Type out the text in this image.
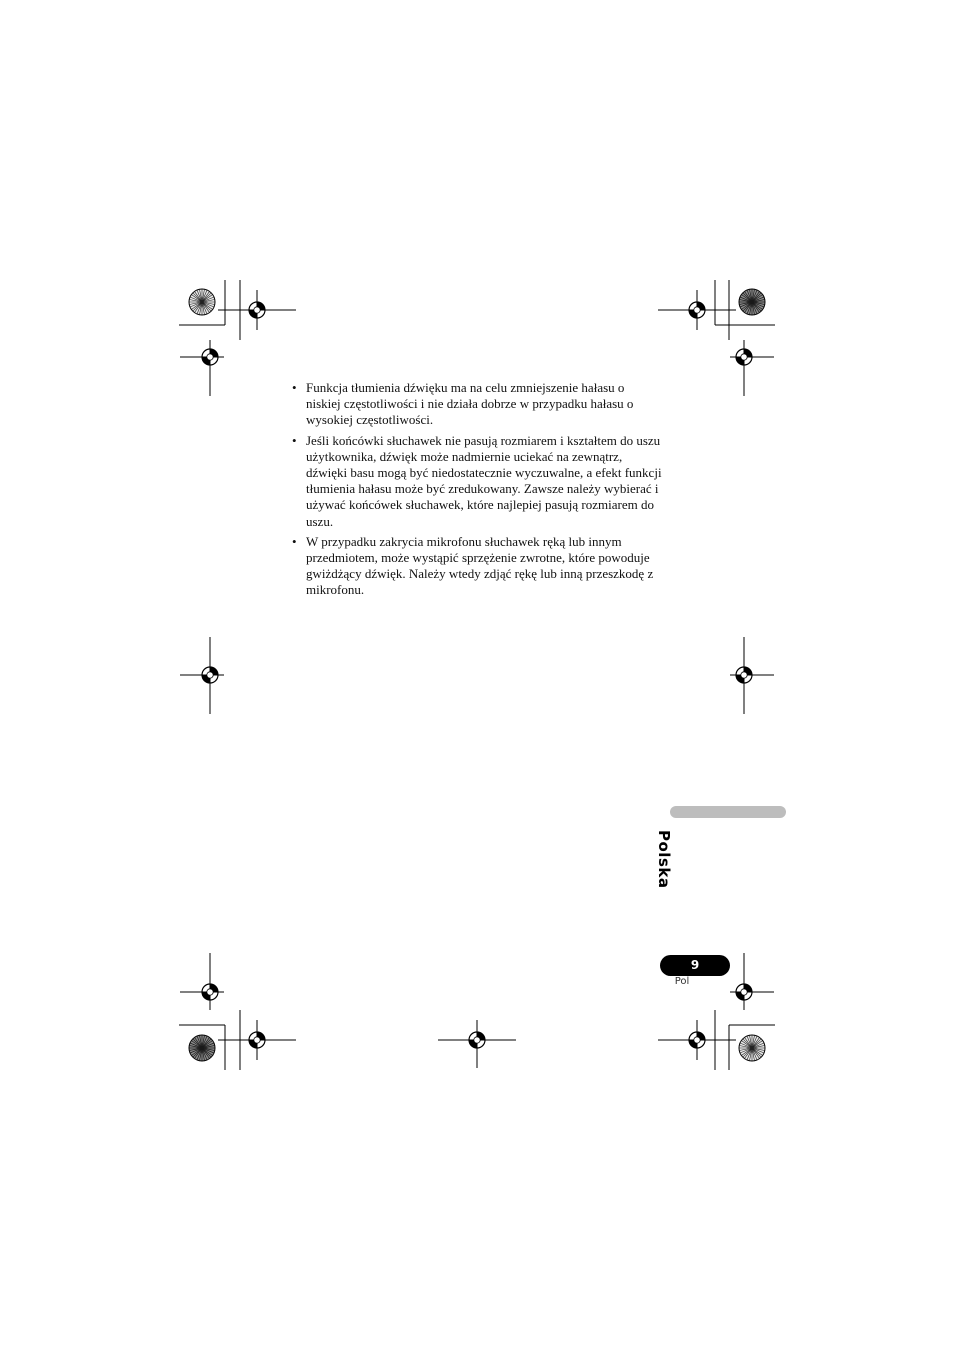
• Funkcja tłumienia dźwięku ma na celu zmniejszenie hałasu o niskiej częstotliwości i nie działa dobrze w przypadku hałasu o wysokiej częstotliwości.
• Jeśli końcówki słuchawek nie pasują rozmiarem i kształtem do uszu użytkownika, dźwięk może nadmiernie uciekać na zewnątrz, dźwięki basu mogą być niedostatecznie wyczuwalne, a efekt funkcji tłumienia hałasu może być zredukowany. Zawsze należy wybierać i używać końcówek słuchawek, które najlepiej pasują rozmiarem do uszu.
• W przypadku zakrycia mikrofonu słuchawek ręką lub innym przedmiotem, może wystąpić sprzężenie zwrotne, które powoduje gwiżdżący dźwięk. Należy wtedy zdjąć rękę lub inną przeszkodę z mikrofonu.
Polska
9
Pol
